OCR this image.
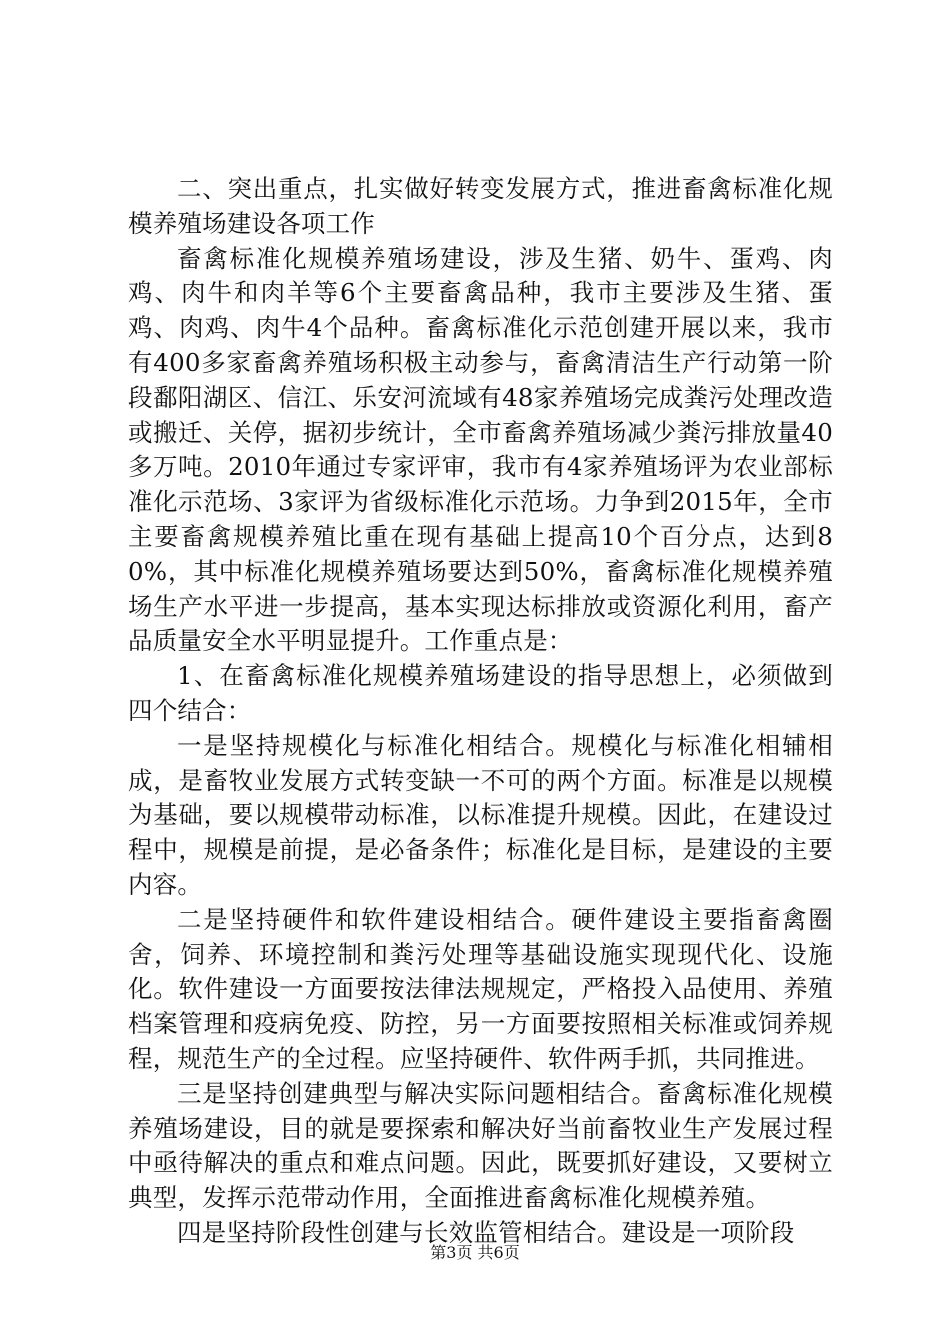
二、突出重点，扎实做好转变发展方式，推进畜禽标准化规模养殖场建设各项工作

畜禽标准化规模养殖场建设，涉及生猪、奶牛、蛋鸡、肉鸡、肉牛和肉羊等6个主要畜禽品种，我市主要涉及生猪、蛋鸡、肉鸡、肉牛4个品种。畜禽标准化示范创建开展以来，我市有400多家畜禽养殖场积极主动参与，畜禽清洁生产行动第一阶段鄱阳湖区、信江、乐安河流域有48家养殖场完成粪污处理改造或搬迁、关停，据初步统计，全市畜禽养殖场减少粪污排放量40多万吨。2010年通过专家评审，我市有4家养殖场评为农业部标准化示范场、3家评为省级标准化示范场。力争到2015年，全市主要畜禽规模养殖比重在现有基础上提高10个百分点，达到80%，其中标准化规模养殖场要达到50%，畜禽标准化规模养殖场生产水平进一步提高，基本实现达标排放或资源化利用，畜产品质量安全水平明显提升。工作重点是：

1、在畜禽标准化规模养殖场建设的指导思想上，必须做到四个结合：

一是坚持规模化与标准化相结合。规模化与标准化相辅相成，是畜牧业发展方式转变缺一不可的两个方面。标准是以规模为基础，要以规模带动标准，以标准提升规模。因此，在建设过程中，规模是前提，是必备条件；标准化是目标，是建设的主要内容。

二是坚持硬件和软件建设相结合。硬件建设主要指畜禽圈舍，饲养、环境控制和粪污处理等基础设施实现现代化、设施化。软件建设一方面要按法律法规规定，严格投入品使用、养殖档案管理和疫病免疫、防控，另一方面要按照相关标准或饲养规程，规范生产的全过程。应坚持硬件、软件两手抓，共同推进。

三是坚持创建典型与解决实际问题相结合。畜禽标准化规模养殖场建设，目的就是要探索和解决好当前畜牧业生产发展过程中亟待解决的重点和难点问题。因此，既要抓好建设，又要树立典型，发挥示范带动作用，全面推进畜禽标准化规模养殖。

四是坚持阶段性创建与长效监管相结合。建设是一项阶段

第3页 共6页
